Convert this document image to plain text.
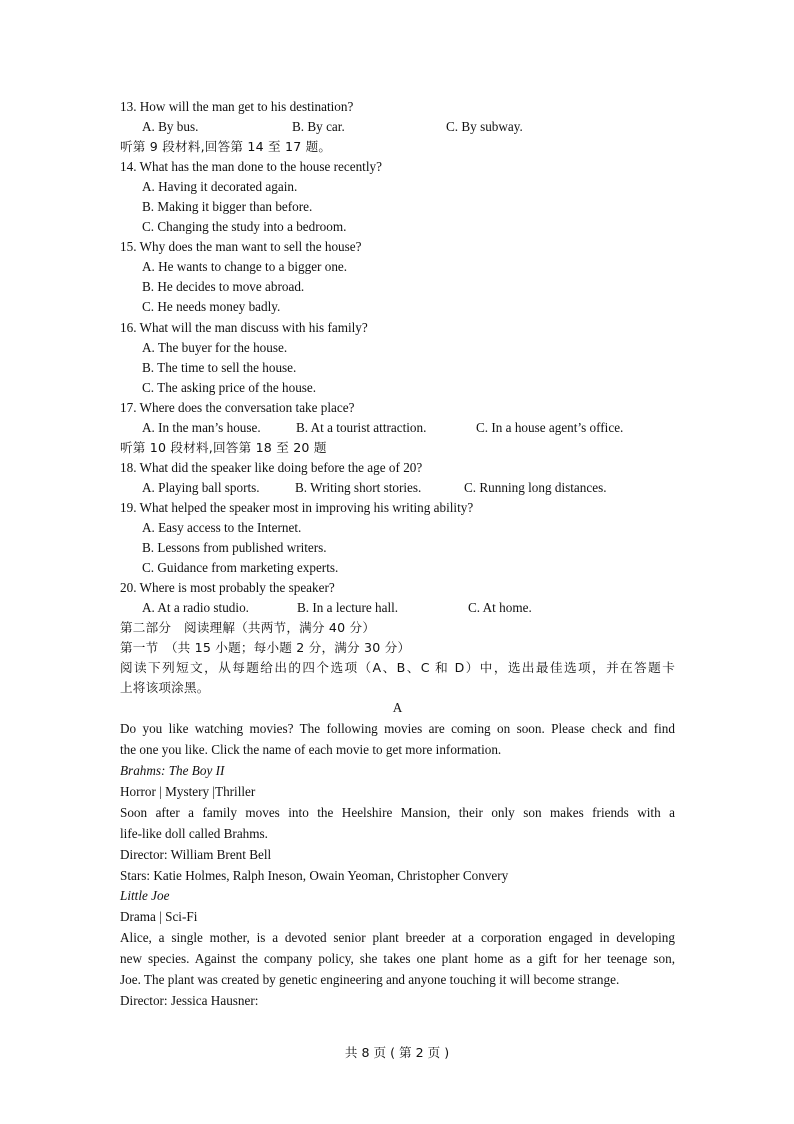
13. How will the man get to his destination?
A. By bus.	B. By car.	C. By subway.
听第 9 段材料,回答第 14 至 17 题。
14. What has the man done to the house recently?
A. Having it decorated again.
B. Making it bigger than before.
C. Changing the study into a bedroom.
15. Why does the man want to sell the house?
A. He wants to change to a bigger one.
B. He decides to move abroad.
C. He needs money badly.
16. What will the man discuss with his family?
A. The buyer for the house.
B. The time to sell the house.
C. The asking price of the house.
17. Where does the conversation take place?
A. In the man’s house.	B. At a tourist attraction.	C. In a house agent’s office.
听第 10 段材料,回答第 18 至 20 题
18. What did the speaker like doing before the age of 20?
A. Playing ball sports.	B. Writing short stories.	C. Running long distances.
19. What helped the speaker most in improving his writing ability?
A. Easy access to the Internet.
B. Lessons from published writers.
C. Guidance from marketing experts.
20. Where is most probably the speaker?
A. At a radio studio.	B. In a lecture hall.	C. At home.
第二部分　阅读理解（共两节，满分 40 分）
第一节　（共 15 小题；每小题 2 分，满分 30 分）
阅读下列短文，从每题给出的四个选项（A、B、C 和 D）中，选出最佳选项，并在答题卡
上将该项涂黑。
A
Do you like watching movies? The following movies are coming on soon. Please check and find
the one you like. Click the name of each movie to get more information.
Brahms: The Boy II
Horror | Mystery |Thriller
Soon after a family moves into the Heelshire Mansion, their only son makes friends with a
life-like doll called Brahms.
Director: William Brent Bell
Stars: Katie Holmes, Ralph Ineson, Owain Yeoman, Christopher Convery
Little Joe
Drama | Sci-Fi
Alice, a single mother, is a devoted senior plant breeder at a corporation engaged in developing
new species. Against the company policy, she takes one plant home as a gift for her teenage son,
Joe. The plant was created by genetic engineering and anyone touching it will become strange.
Director: Jessica Hausner:
共 8 页 ( 第 2 页 )
